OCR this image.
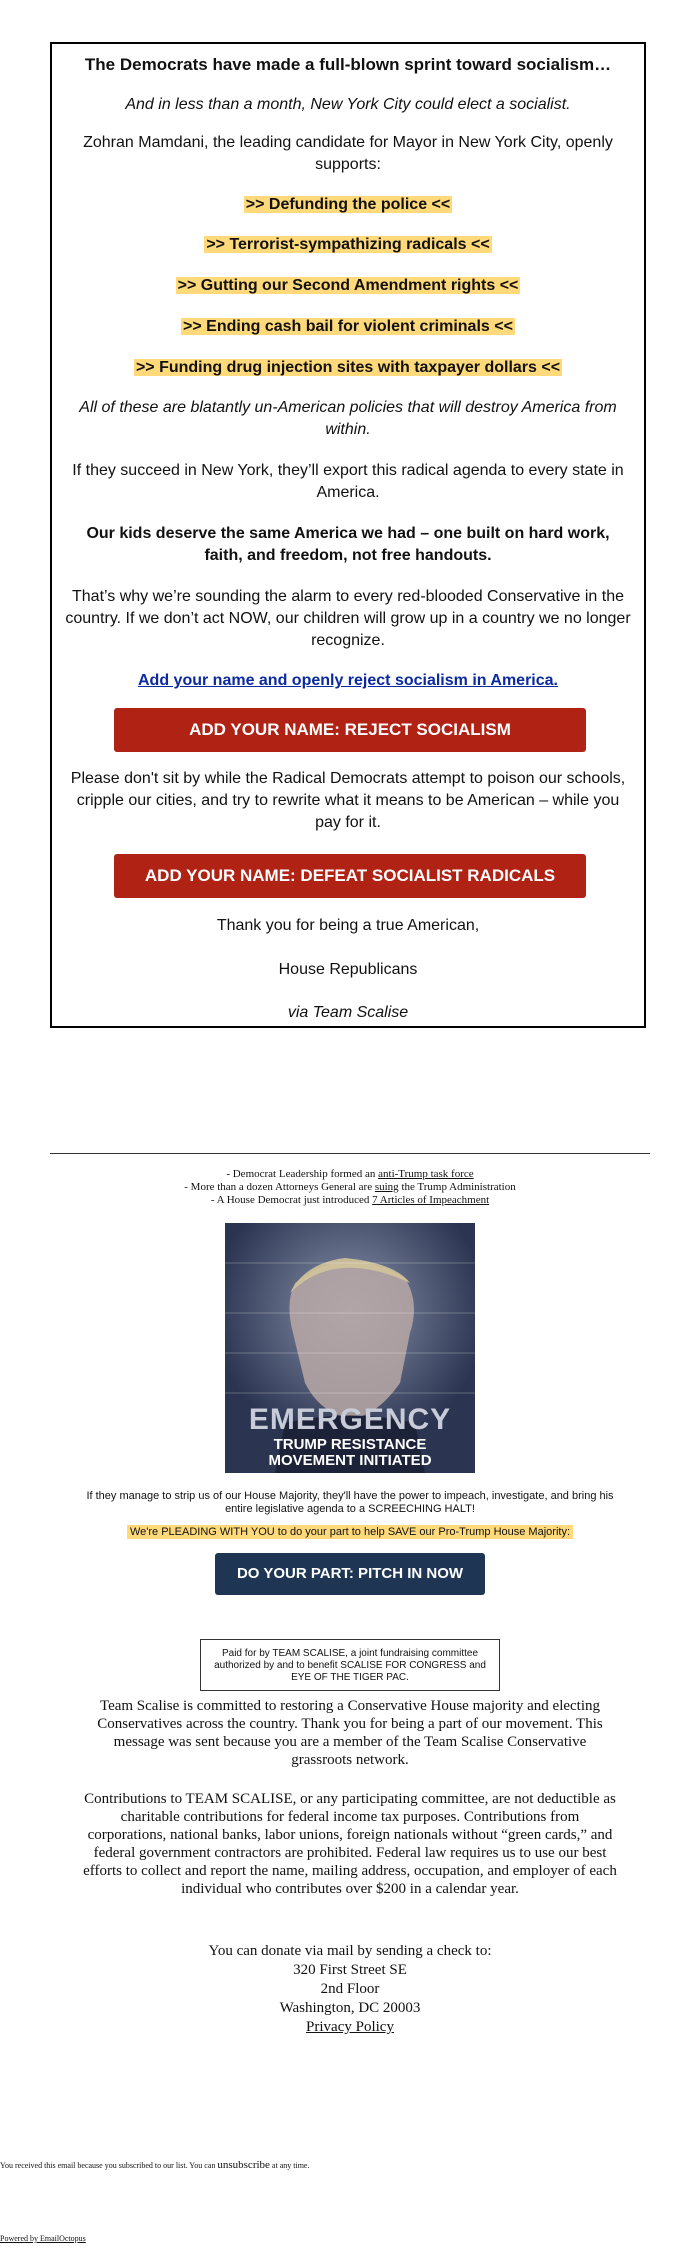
The Democrats have made a full-blown sprint toward socialism…

And in less than a month, New York City could elect a socialist.

Zohran Mamdani, the leading candidate for Mayor in New York City, openly supports:

>> Defunding the police <<

>> Terrorist-sympathizing radicals <<

>> Gutting our Second Amendment rights <<

>> Ending cash bail for violent criminals <<

>> Funding drug injection sites with taxpayer dollars <<

All of these are blatantly un-American policies that will destroy America from within.

If they succeed in New York, they’ll export this radical agenda to every state in America.

Our kids deserve the same America we had – one built on hard work, faith, and freedom, not free handouts.

That’s why we’re sounding the alarm to every red-blooded Conservative in the country. If we don’t act NOW, our children will grow up in a country we no longer recognize.

Add your name and openly reject socialism in America.

ADD YOUR NAME: REJECT SOCIALISM

Please don't sit by while the Radical Democrats attempt to poison our schools, cripple our cities, and try to rewrite what it means to be American – while you pay for it.

ADD YOUR NAME: DEFEAT SOCIALIST RADICALS

Thank you for being a true American,

House Republicans

via Team Scalise

- Democrat Leadership formed an anti-Trump task force
- More than a dozen Attorneys General are suing the Trump Administration
- A House Democrat just introduced 7 Articles of Impeachment
EMERGENCY
TRUMP RESISTANCE
MOVEMENT INITIATED
If they manage to strip us of our House Majority, they'll have the power to impeach, investigate, and bring his entire legislative agenda to a SCREECHING HALT!
We're PLEADING WITH YOU to do your part to help SAVE our Pro-Trump House Majority:
DO YOUR PART: PITCH IN NOW
Paid for by TEAM SCALISE, a joint fundraising committee authorized by and to benefit SCALISE FOR CONGRESS and EYE OF THE TIGER PAC.
Team Scalise is committed to restoring a Conservative House majority and electing Conservatives across the country. Thank you for being a part of our movement. This message was sent because you are a member of the Team Scalise Conservative grassroots network.
Contributions to TEAM SCALISE, or any participating committee, are not deductible as charitable contributions for federal income tax purposes. Contributions from corporations, national banks, labor unions, foreign nationals without “green cards,” and federal government contractors are prohibited. Federal law requires us to use our best efforts to collect and report the name, mailing address, occupation, and employer of each individual who contributes over $200 in a calendar year.
You can donate via mail by sending a check to:
320 First Street SE
2nd Floor
Washington, DC 20003
Privacy Policy
You received this email because you subscribed to our list. You can unsubscribe at any time.
Powered by EmailOctopus
